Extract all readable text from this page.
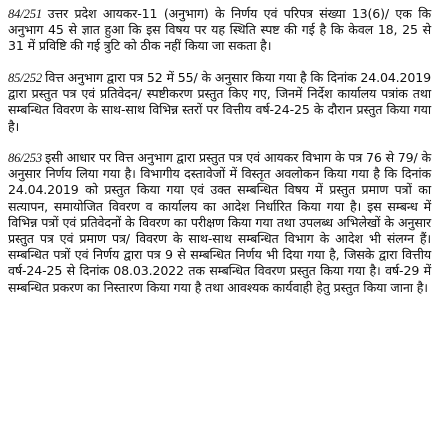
84/251 उत्तर प्रदेश आयकर-11 (अनुभाग) के निर्णय एवं परिपत्र संख्या 13(6)/ एक कि अनुभाग 45 से ज्ञात हुआ कि इस विषय पर यह स्थिति स्पष्ट की गई है कि केवल 18, 25 से 31 में प्रविष्टि की गई त्रुटि को ठीक नहीं किया जा सकता है।

85/252 वित्त अनुभाग द्वारा पत्र 52 में 55/ के अनुसार किया गया है कि दिनांक 24.04.2019 द्वारा प्रस्तुत पत्र एवं प्रतिवेदन/ स्पष्टीकरण प्रस्तुत किए गए, जिनमें निर्देश कार्यालय पत्रांक तथा सम्बन्धित विवरण के साथ-साथ विभिन्न स्तरों पर वित्तीय वर्ष-24-25 के दौरान प्रस्तुत किया गया है।

86/253 इसी आधार पर वित्त अनुभाग द्वारा प्रस्तुत पत्र एवं आयकर विभाग के पत्र 76 से 79/ के अनुसार निर्णय लिया गया है। विभागीय दस्तावेजों में विस्तृत अवलोकन किया गया है कि दिनांक 24.04.2019 को प्रस्तुत किया गया एवं उक्त सम्बन्धित विषय में प्रस्तुत प्रमाण पत्रों का सत्यापन, समायोजित विवरण व कार्यालय का आदेश निर्धारित किया गया है। इस सम्बन्ध में विभिन्न पत्रों एवं प्रतिवेदनों के विवरण का परीक्षण किया गया तथा उपलब्ध अभिलेखों के अनुसार प्रस्तुत पत्र एवं प्रमाण पत्र/ विवरण के साथ-साथ सम्बन्धित विभाग के आदेश भी संलग्न हैं। सम्बन्धित पत्रों एवं निर्णय द्वारा पत्र 9 से सम्बन्धित निर्णय भी दिया गया है, जिसके द्वारा वित्तीय वर्ष-24-25 से दिनांक 08.03.2022 तक सम्बन्धित विवरण प्रस्तुत किया गया है। वर्ष-29 में सम्बन्धित प्रकरण का निस्तारण किया गया है तथा आवश्यक कार्यवाही हेतु प्रस्तुत किया जाना है।
